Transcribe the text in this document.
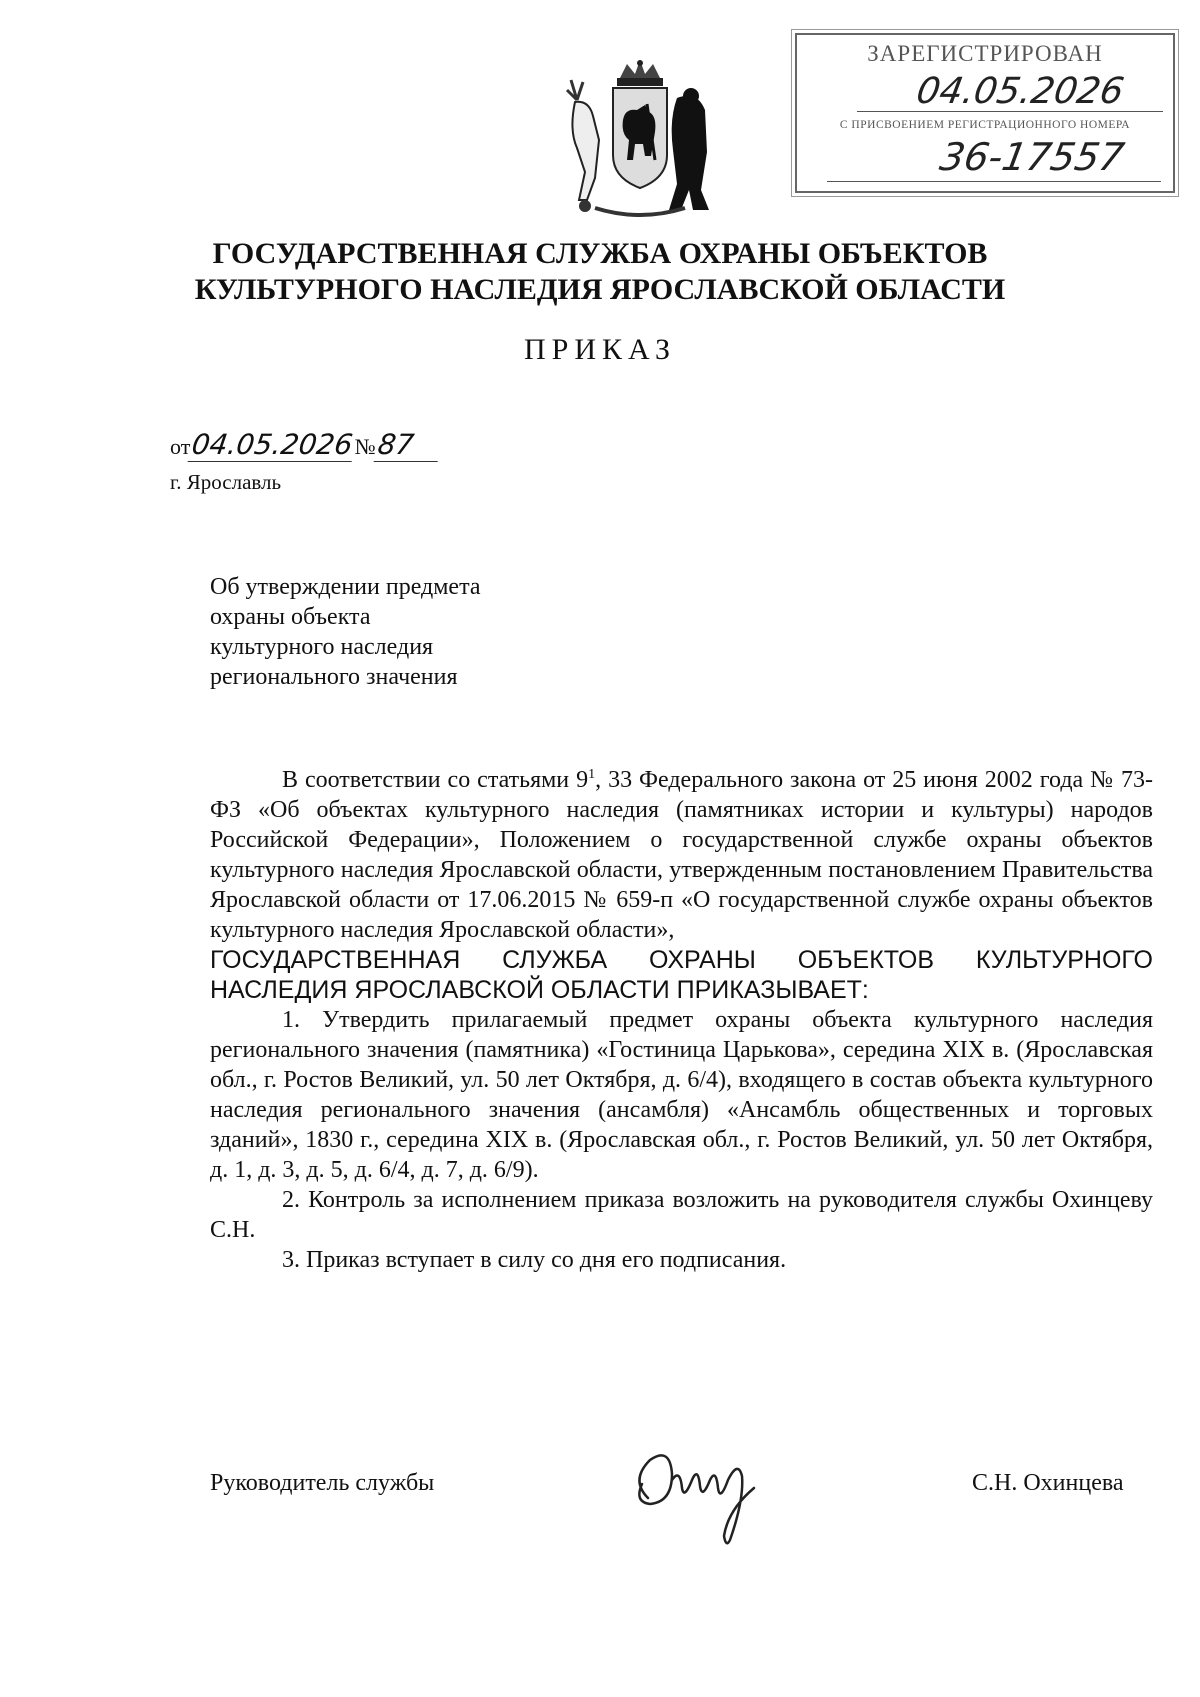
ЗАРЕГИСТРИРОВАН
04.05.2026
С ПРИСВОЕНИЕМ РЕГИСТРАЦИОННОГО НОМЕРА
36-17557
ГОСУДАРСТВЕННАЯ СЛУЖБА ОХРАНЫ ОБЪЕКТОВ
КУЛЬТУРНОГО НАСЛЕДИЯ ЯРОСЛАВСКОЙ ОБЛАСТИ
ПРИКАЗ
от04.05.2026№87
г. Ярославль
Об утверждении предмета
охраны объекта
культурного наследия
регионального значения

В соответствии со статьями $9^1$, 33 Федерального закона от 25 июня 2002 года № 73-ФЗ «Об объектах культурного наследия (памятниках истории и культуры) народов Российской Федерации», Положением о государственной службе охраны объектов культурного наследия Ярославской области, утвержденным постановлением Правительства Ярославской области от 17.06.2015 № 659-п «О государственной службе охраны объектов культурного наследия Ярославской области»,

ГОСУДАРСТВЕННАЯ СЛУЖБА ОХРАНЫ ОБЪЕКТОВ КУЛЬТУРНОГО НАСЛЕДИЯ ЯРОСЛАВСКОЙ ОБЛАСТИ ПРИКАЗЫВАЕТ:

1. Утвердить прилагаемый предмет охраны объекта культурного наследия регионального значения (памятника) «Гостиница Царькова», середина XIX в. (Ярославская обл., г. Ростов Великий, ул. 50 лет Октября, д. 6/4), входящего в состав объекта культурного наследия регионального значения (ансамбля) «Ансамбль общественных и торговых зданий», 1830 г., середина XIX в. (Ярославская обл., г. Ростов Великий, ул. 50 лет Октября, д. 1, д. 3, д. 5, д. 6/4, д. 7, д. 6/9).

2. Контроль за исполнением приказа возложить на руководителя службы Охинцеву С.Н.

3. Приказ вступает в силу со дня его подписания.

Руководитель службы	С.Н. Охинцева
